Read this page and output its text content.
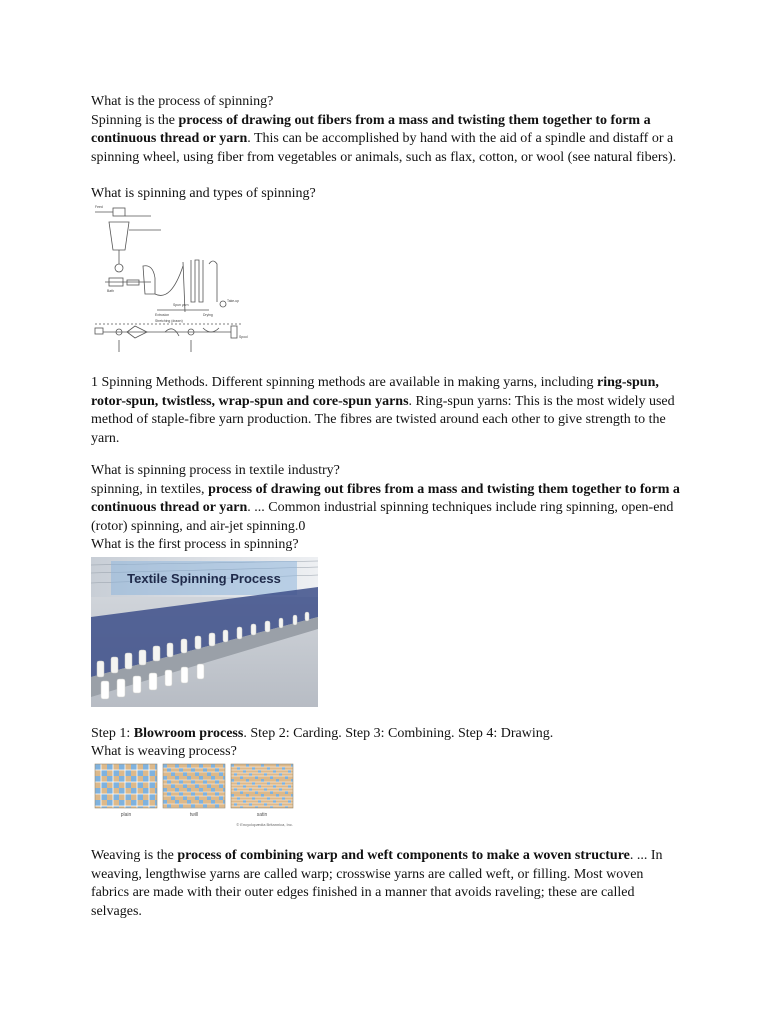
What is the process of spinning?
Spinning is the process of drawing out fibers from a mass and twisting them together to form a continuous thread or yarn. This can be accomplished by hand with the aid of a spindle and distaff or a spinning wheel, using fiber from vegetables or animals, such as flax, cotton, or wool (see natural fibers).
What is spinning and types of spinning?
Extrusion	Drying
Stretching (drawn)
Spun yarn
Take-up
Spool
Feed
Bath
1 Spinning Methods. Different spinning methods are available in making yarns, including ring-spun, rotor-spun, twistless, wrap-spun and core-spun yarns. Ring-spun yarns: This is the most widely used method of staple-fibre yarn production. The fibres are twisted around each other to give strength to the yarn.
What is spinning process in textile industry?
spinning, in textiles, process of drawing out fibres from a mass and twisting them together to form a continuous thread or yarn. ... Common industrial spinning techniques include ring spinning, open-end (rotor) spinning, and air-jet spinning.0
What is the first process in spinning?
Textile Spinning Process
Step 1: Blowroom process. Step 2: Carding. Step 3: Combining. Step 4: Drawing.
What is weaving process?
plain	twill	satin
© Encyclopædia Britannica, Inc.
Weaving is the process of combining warp and weft components to make a woven structure. ... In weaving, lengthwise yarns are called warp; crosswise yarns are called weft, or filling. Most woven fabrics are made with their outer edges finished in a manner that avoids raveling; these are called selvages.
